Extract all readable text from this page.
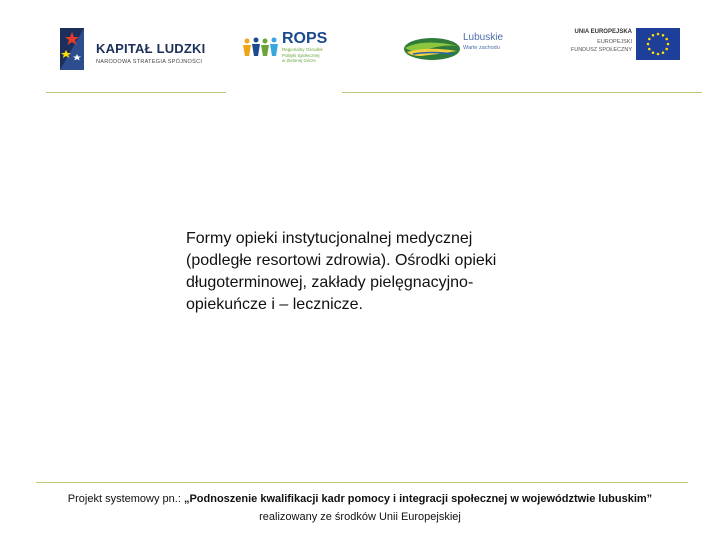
KAPITAŁ LUDZKI
NARODOWA STRATEGIA SPÓJNOŚCI
ROPS
Regionalny Ośrodek
Polityki Społecznej
w Zielonej Górze
Lubuskie
Warte zachodu
UNIA EUROPEJSKA
EUROPEJSKI
FUNDUSZ SPOŁECZNY
Formy opieki instytucjonalnej medycznej (podległe resortowi zdrowia). Ośrodki opieki długoterminowej, zakłady pielęgnacyjno- opiekuńcze i – lecznicze.
Projekt systemowy pn.: „Podnoszenie kwalifikacji kadr pomocy i integracji społecznej w województwie lubuskim”
realizowany ze środków Unii Europejskiej
